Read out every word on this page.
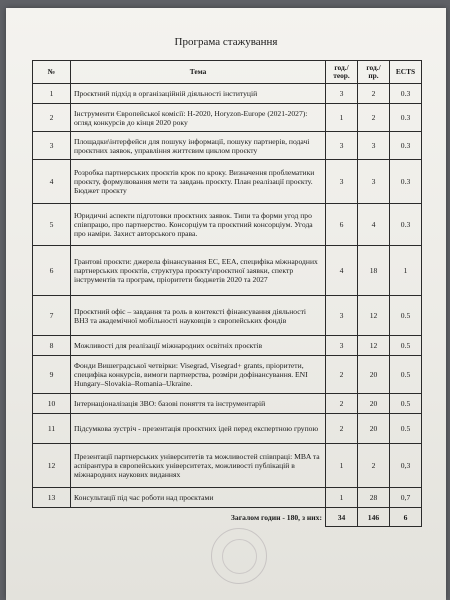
Програма стажування
№	Тема	год./ теор.	год./ пр.	ECTS
1	Проєктний підхід в організаційній діяльності інституцій	3	2	0.3
2	Інструменти Європейської комісії: H-2020, Horyzon-Europe (2021-2027): огляд конкурсів до кінця 2020 року	1	2	0.3
3	Площадки\інтерфейси для пошуку інформації, пошуку партнерів, подачі проєктних заявок, управління життєвим циклом проєкту	3	3	0.3
4	Розробка партнерських проєктів крок по кроку. Визначення проблематики проєкту, формулювання мети та завдань проєкту. План реалізації проєкту. Бюджет проєкту	3	3	0.3
5	Юридичні аспекти підготовки проєктних заявок. Типи та форми угод про співпрацю, про партнерство. Консорціум та проєктний консорціум. Угода про наміри. Захист авторського права.	6	4	0.3
6	Грантові проєкти: джерела фінансування ЕС, ЕЕА, специфіка міжнародних партнерських проєктів, структура проєкту\проєктної заявки, спектр інструментів та програм, пріоритети бюджетів 2020 та 2027	4	18	1
7	Проєктний офіс – завдання та роль в контексті фінансування діяльності ВНЗ та академічної мобільності науковців з європейських фондів	3	12	0.5
8	Можливості для реалізації міжнародних освітніх проєктів	3	12	0.5
9	Фонди Вишеградської четвірки: Visegrad, Visegrad+ grants, пріоритети, специфіка конкурсів, вимоги партнерства, розміри дофінансування. ENI Hungary–Slovakia–Romania–Ukraine.	2	20	0.5
10	Інтернаціоналізація ЗВО: базові поняття та інструментарій	2	20	0.5
11	Підсумкова зустріч - презентація проєктних ідей перед експертною групою	2	20	0.5
12	Презентації партнерських університетів та можливостей співпраці: MBA та аспірантура в європейських університетах, можливості публікацій в міжнародних наукових виданнях	1	2	0,3
13	Консультації під час роботи над проєктами	1	28	0,7
Загалом годин - 180, з них:		34	146	6
